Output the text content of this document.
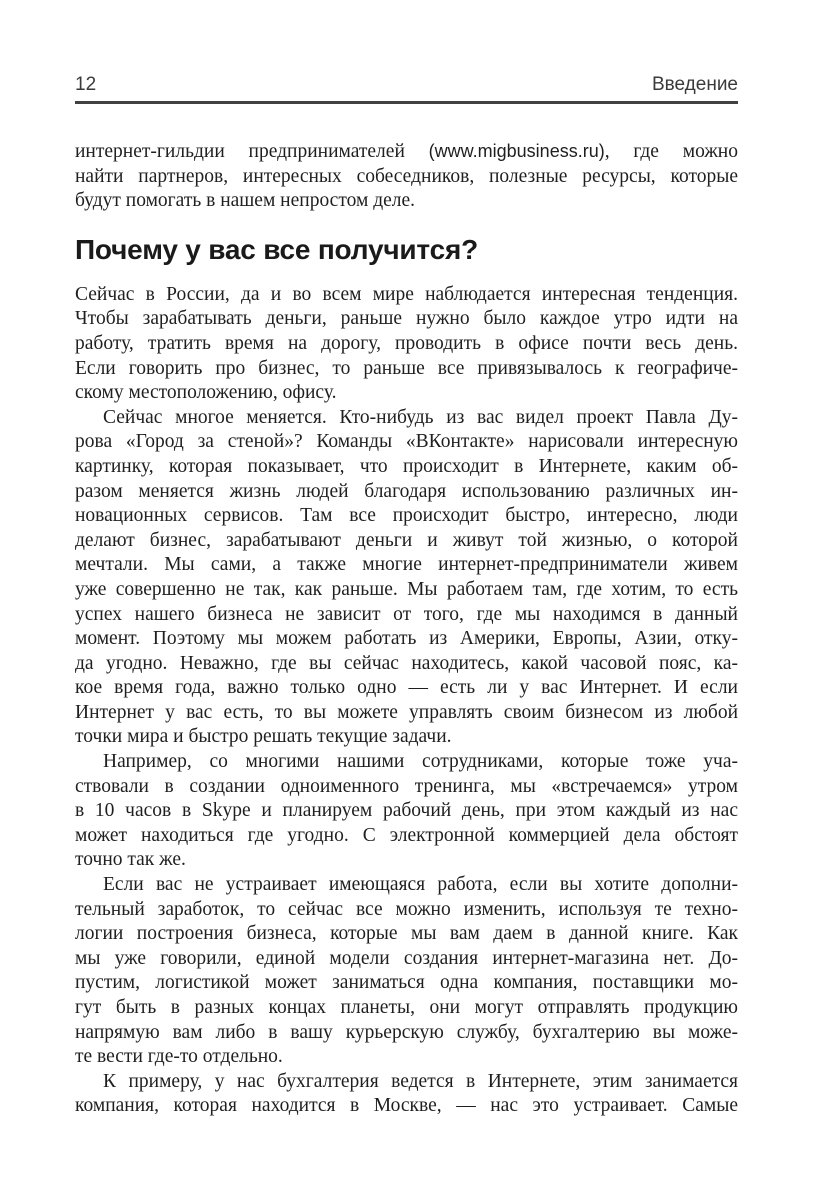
12	Введение
интернет-гильдии предпринимателей (www.migbusiness.ru), где можно
найти партнеров, интересных собеседников, полезные ресурсы, которые
будут помогать в нашем непростом деле.
Почему у вас все получится?
Сейчас в России, да и во всем мире наблюдается интересная тенденция.
Чтобы зарабатывать деньги, раньше нужно было каждое утро идти на
работу, тратить время на дорогу, проводить в офисе почти весь день.
Если говорить про бизнес, то раньше все привязывалось к географиче-
скому местоположению, офису.
Сейчас многое меняется. Кто-нибудь из вас видел проект Павла Ду-
рова «Город за стеной»? Команды «ВКонтакте» нарисовали интересную
картинку, которая показывает, что происходит в Интернете, каким об-
разом меняется жизнь людей благодаря использованию различных ин-
новационных сервисов. Там все происходит быстро, интересно, люди
делают бизнес, зарабатывают деньги и живут той жизнью, о которой
мечтали. Мы сами, а также многие интернет-предприниматели живем
уже совершенно не так, как раньше. Мы работаем там, где хотим, то есть
успех нашего бизнеса не зависит от того, где мы находимся в данный
момент. Поэтому мы можем работать из Америки, Европы, Азии, отку-
да угодно. Неважно, где вы сейчас находитесь, какой часовой пояс, ка-
кое время года, важно только одно — есть ли у вас Интернет. И если
Интернет у вас есть, то вы можете управлять своим бизнесом из любой
точки мира и быстро решать текущие задачи.
Например, со многими нашими сотрудниками, которые тоже уча-
ствовали в создании одноименного тренинга, мы «встречаемся» утром
в 10 часов в Skype и планируем рабочий день, при этом каждый из нас
может находиться где угодно. С электронной коммерцией дела обстоят
точно так же.
Если вас не устраивает имеющаяся работа, если вы хотите дополни-
тельный заработок, то сейчас все можно изменить, используя те техно-
логии построения бизнеса, которые мы вам даем в данной книге. Как
мы уже говорили, единой модели создания интернет-магазина нет. До-
пустим, логистикой может заниматься одна компания, поставщики мо-
гут быть в разных концах планеты, они могут отправлять продукцию
напрямую вам либо в вашу курьерскую службу, бухгалтерию вы може-
те вести где-то отдельно.
К примеру, у нас бухгалтерия ведется в Интернете, этим занимается
компания, которая находится в Москве, — нас это устраивает. Самые
